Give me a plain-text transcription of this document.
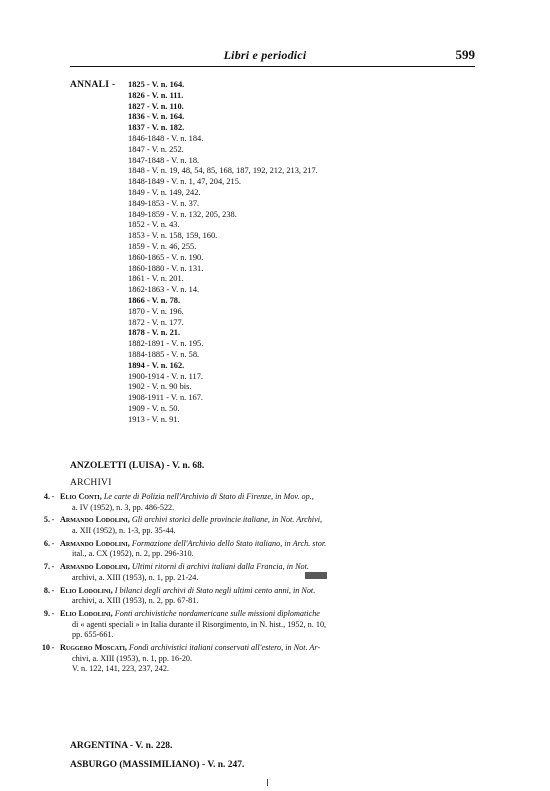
Libri e periodici	599
ANNALI - 1825 - V. n. 164.
1826 - V. n. 111.
1827 - V. n. 110.
1836 - V. n. 164.
1837 - V. n. 182.
1846-1848 - V. n. 184.
1847 - V. n. 252.
1847-1848 - V. n. 18.
1848 - V. n. 19, 48, 54, 85, 168, 187, 192, 212, 213, 217.
1848-1849 - V. n. 1, 47, 204, 215.
1849 - V. n. 149, 242.
1849-1853 - V. n. 37.
1849-1859 - V. n. 132, 205, 238.
1852 - V. n. 43.
1853 - V. n. 158, 159, 160.
1859 - V. n. 46, 255.
1860-1865 - V. n. 190.
1860-1880 - V. n. 131.
1861 - V. n. 201.
1862-1863 - V. n. 14.
1866 - V. n. 78.
1870 - V. n. 196.
1872 - V. n. 177.
1878 - V. n. 21.
1882-1891 - V. n. 195.
1884-1885 - V. n. 58.
1894 - V. n. 162.
1900-1914 - V. n. 117.
1902 - V. n. 90 bis.
1908-1911 - V. n. 167.
1909 - V. n. 50.
1913 - V. n. 91.
ANZOLETTI (LUISA) - V. n. 68.
ARCHIVI
4. - Elio Conti, Le carte di Polizia nell'Archivio di Stato di Firenze, in Mov. op.,
a. IV (1952), n. 3, pp. 486-522.
5. - Armando Lodolini, Gli archivi storici delle provincie italiane, in Not. Archivi,
a. XII (1952), n. 1-3, pp. 35-44.
6. - Armando Lodolini, Formazione dell'Archivio dello Stato italiano, in Arch. stor.
ital., a. CX (1952), n. 2, pp. 296-310.
7. - Armando Lodolini, Ultimi ritorni di archivi italiani dalla Francia, in Not.
archivi, a. XIII (1953), n. 1, pp. 21-24.
8. - Elio Lodolini, I bilanci degli archivi di Stato negli ultimi cento anni, in Not.
archivi, a. XIII (1953), n. 2, pp. 67-81.
9. - Elio Lodolini, Fonti archivistiche nordamericane sulle missioni diplomatiche
di « agenti speciali » in Italia durante il Risorgimento, in N. hist., 1952, n. 10,
pp. 655-661.
10 - Ruggero Moscati, Fondi archivistici italiani conservati all'estero, in Not. Ar-
chivi, a. XIII (1953), n. 1, pp. 16-20.
V. n. 122, 141, 223, 237, 242.
ARGENTINA - V. n. 228.
ASBURGO (MASSIMILIANO) - V. n. 247.
